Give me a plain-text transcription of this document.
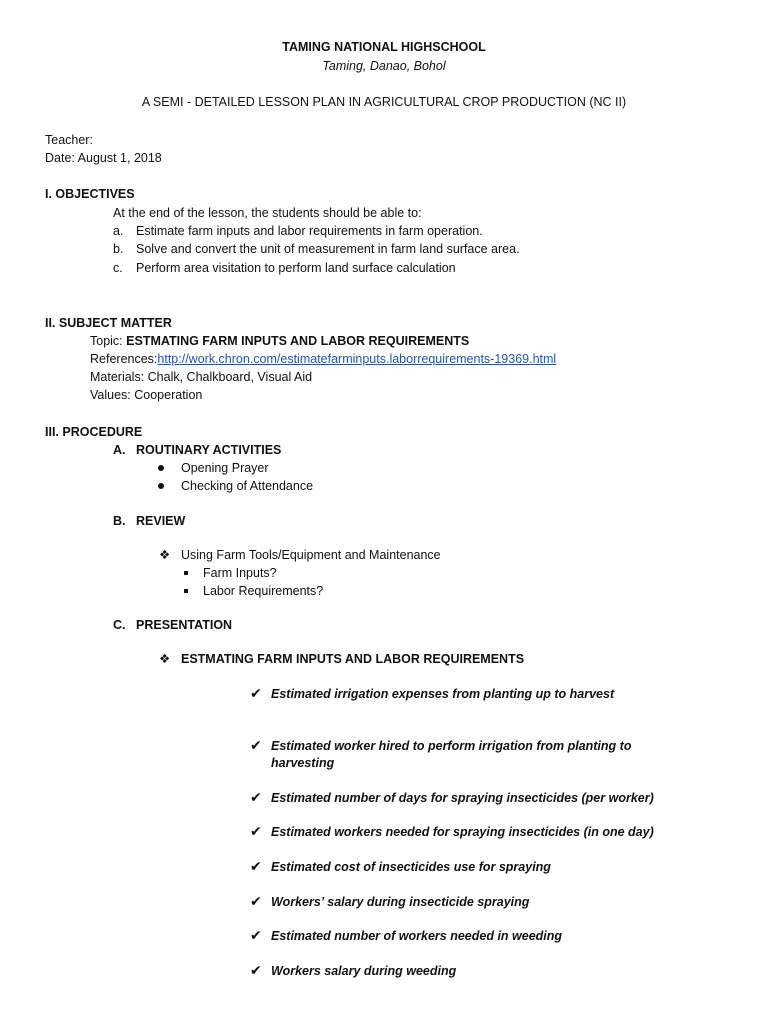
TAMING NATIONAL HIGHSCHOOL
Taming, Danao, Bohol
A SEMI - DETAILED LESSON PLAN IN AGRICULTURAL CROP PRODUCTION (NC II)
Teacher:
Date: August 1, 2018
I. OBJECTIVES
At the end of the lesson, the students should be able to:
a. Estimate farm inputs and labor requirements in farm operation.
b. Solve and convert the unit of measurement in farm land surface area.
c. Perform area visitation to perform land surface calculation
II. SUBJECT MATTER
Topic: ESTMATING FARM INPUTS AND LABOR REQUIREMENTS
References:http://work.chron.com/estimatefarminputs.laborrequirements-19369.html
Materials: Chalk, Chalkboard, Visual Aid
Values: Cooperation
III. PROCEDURE
A. ROUTINARY ACTIVITIES
Opening Prayer
Checking of Attendance
B. REVIEW
❖ Using Farm Tools/Equipment and Maintenance
Farm Inputs?
Labor Requirements?
C. PRESENTATION
❖ ESTMATING FARM INPUTS AND LABOR REQUIREMENTS
✔ Estimated irrigation expenses from planting up to harvest
✔ Estimated worker hired to perform irrigation from planting to
harvesting
✔ Estimated number of days for spraying insecticides (per worker)
✔ Estimated workers needed for spraying insecticides (in one day)
✔ Estimated cost of insecticides use for spraying
✔ Workers’ salary during insecticide spraying
✔ Estimated number of workers needed in weeding
✔ Workers salary during weeding
